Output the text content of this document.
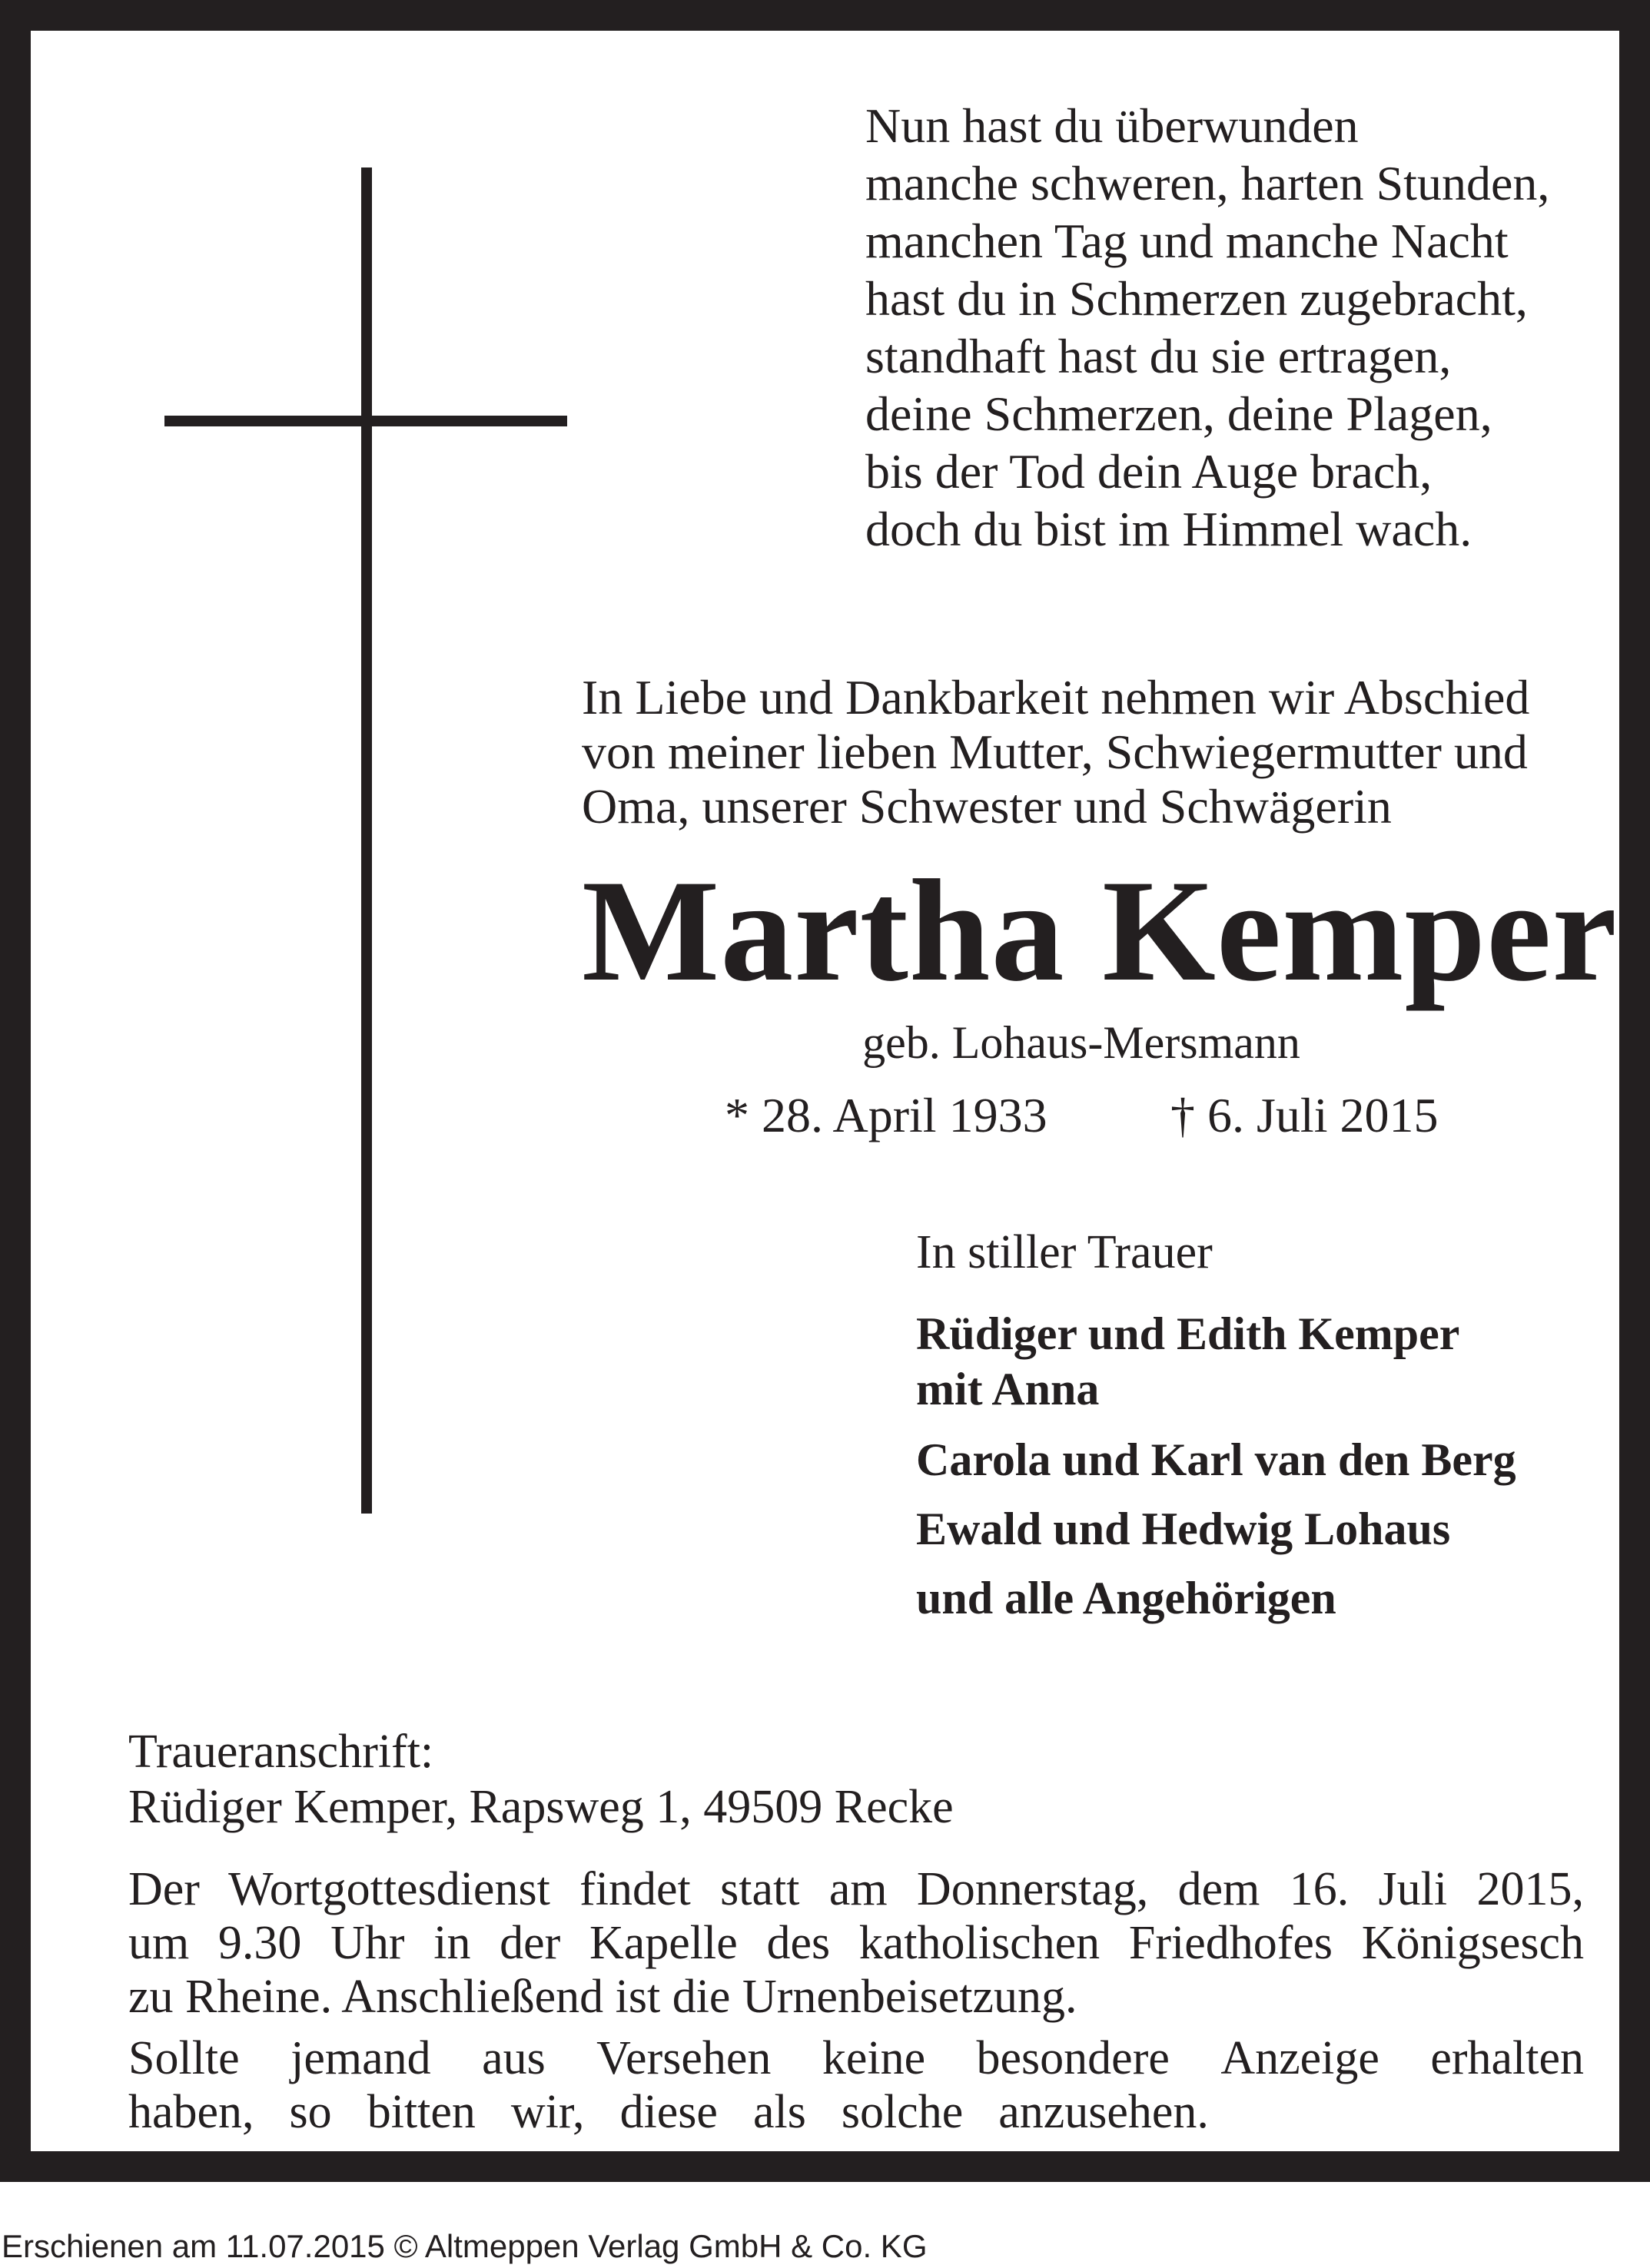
Nun hast du überwunden
manche schweren, harten Stunden,
manchen Tag und manche Nacht
hast du in Schmerzen zugebracht,
standhaft hast du sie ertragen,
deine Schmerzen, deine Plagen,
bis der Tod dein Auge brach,
doch du bist im Himmel wach.
In Liebe und Dankbarkeit nehmen wir Abschied
von meiner lieben Mutter, Schwiegermutter und
Oma, unserer Schwester und Schwägerin
Martha Kemper
geb. Lohaus-Mersmann
* 28. April 1933	† 6. Juli 2015
In stiller Trauer
Rüdiger und Edith Kemper
mit Anna
Carola und Karl van den Berg
Ewald und Hedwig Lohaus
und alle Angehörigen
Traueranschrift:
Rüdiger Kemper, Rapsweg 1, 49509 Recke
Der Wortgottesdienst findet statt am Donnerstag, dem 16. Juli 2015,
um 9.30 Uhr in der Kapelle des katholischen Friedhofes Königsesch
zu Rheine. Anschließend ist die Urnenbeisetzung.
Sollte jemand aus Versehen keine besondere Anzeige erhalten
haben, so bitten wir, diese als solche anzusehen.
Erschienen am 11.07.2015 © Altmeppen Verlag GmbH & Co. KG
